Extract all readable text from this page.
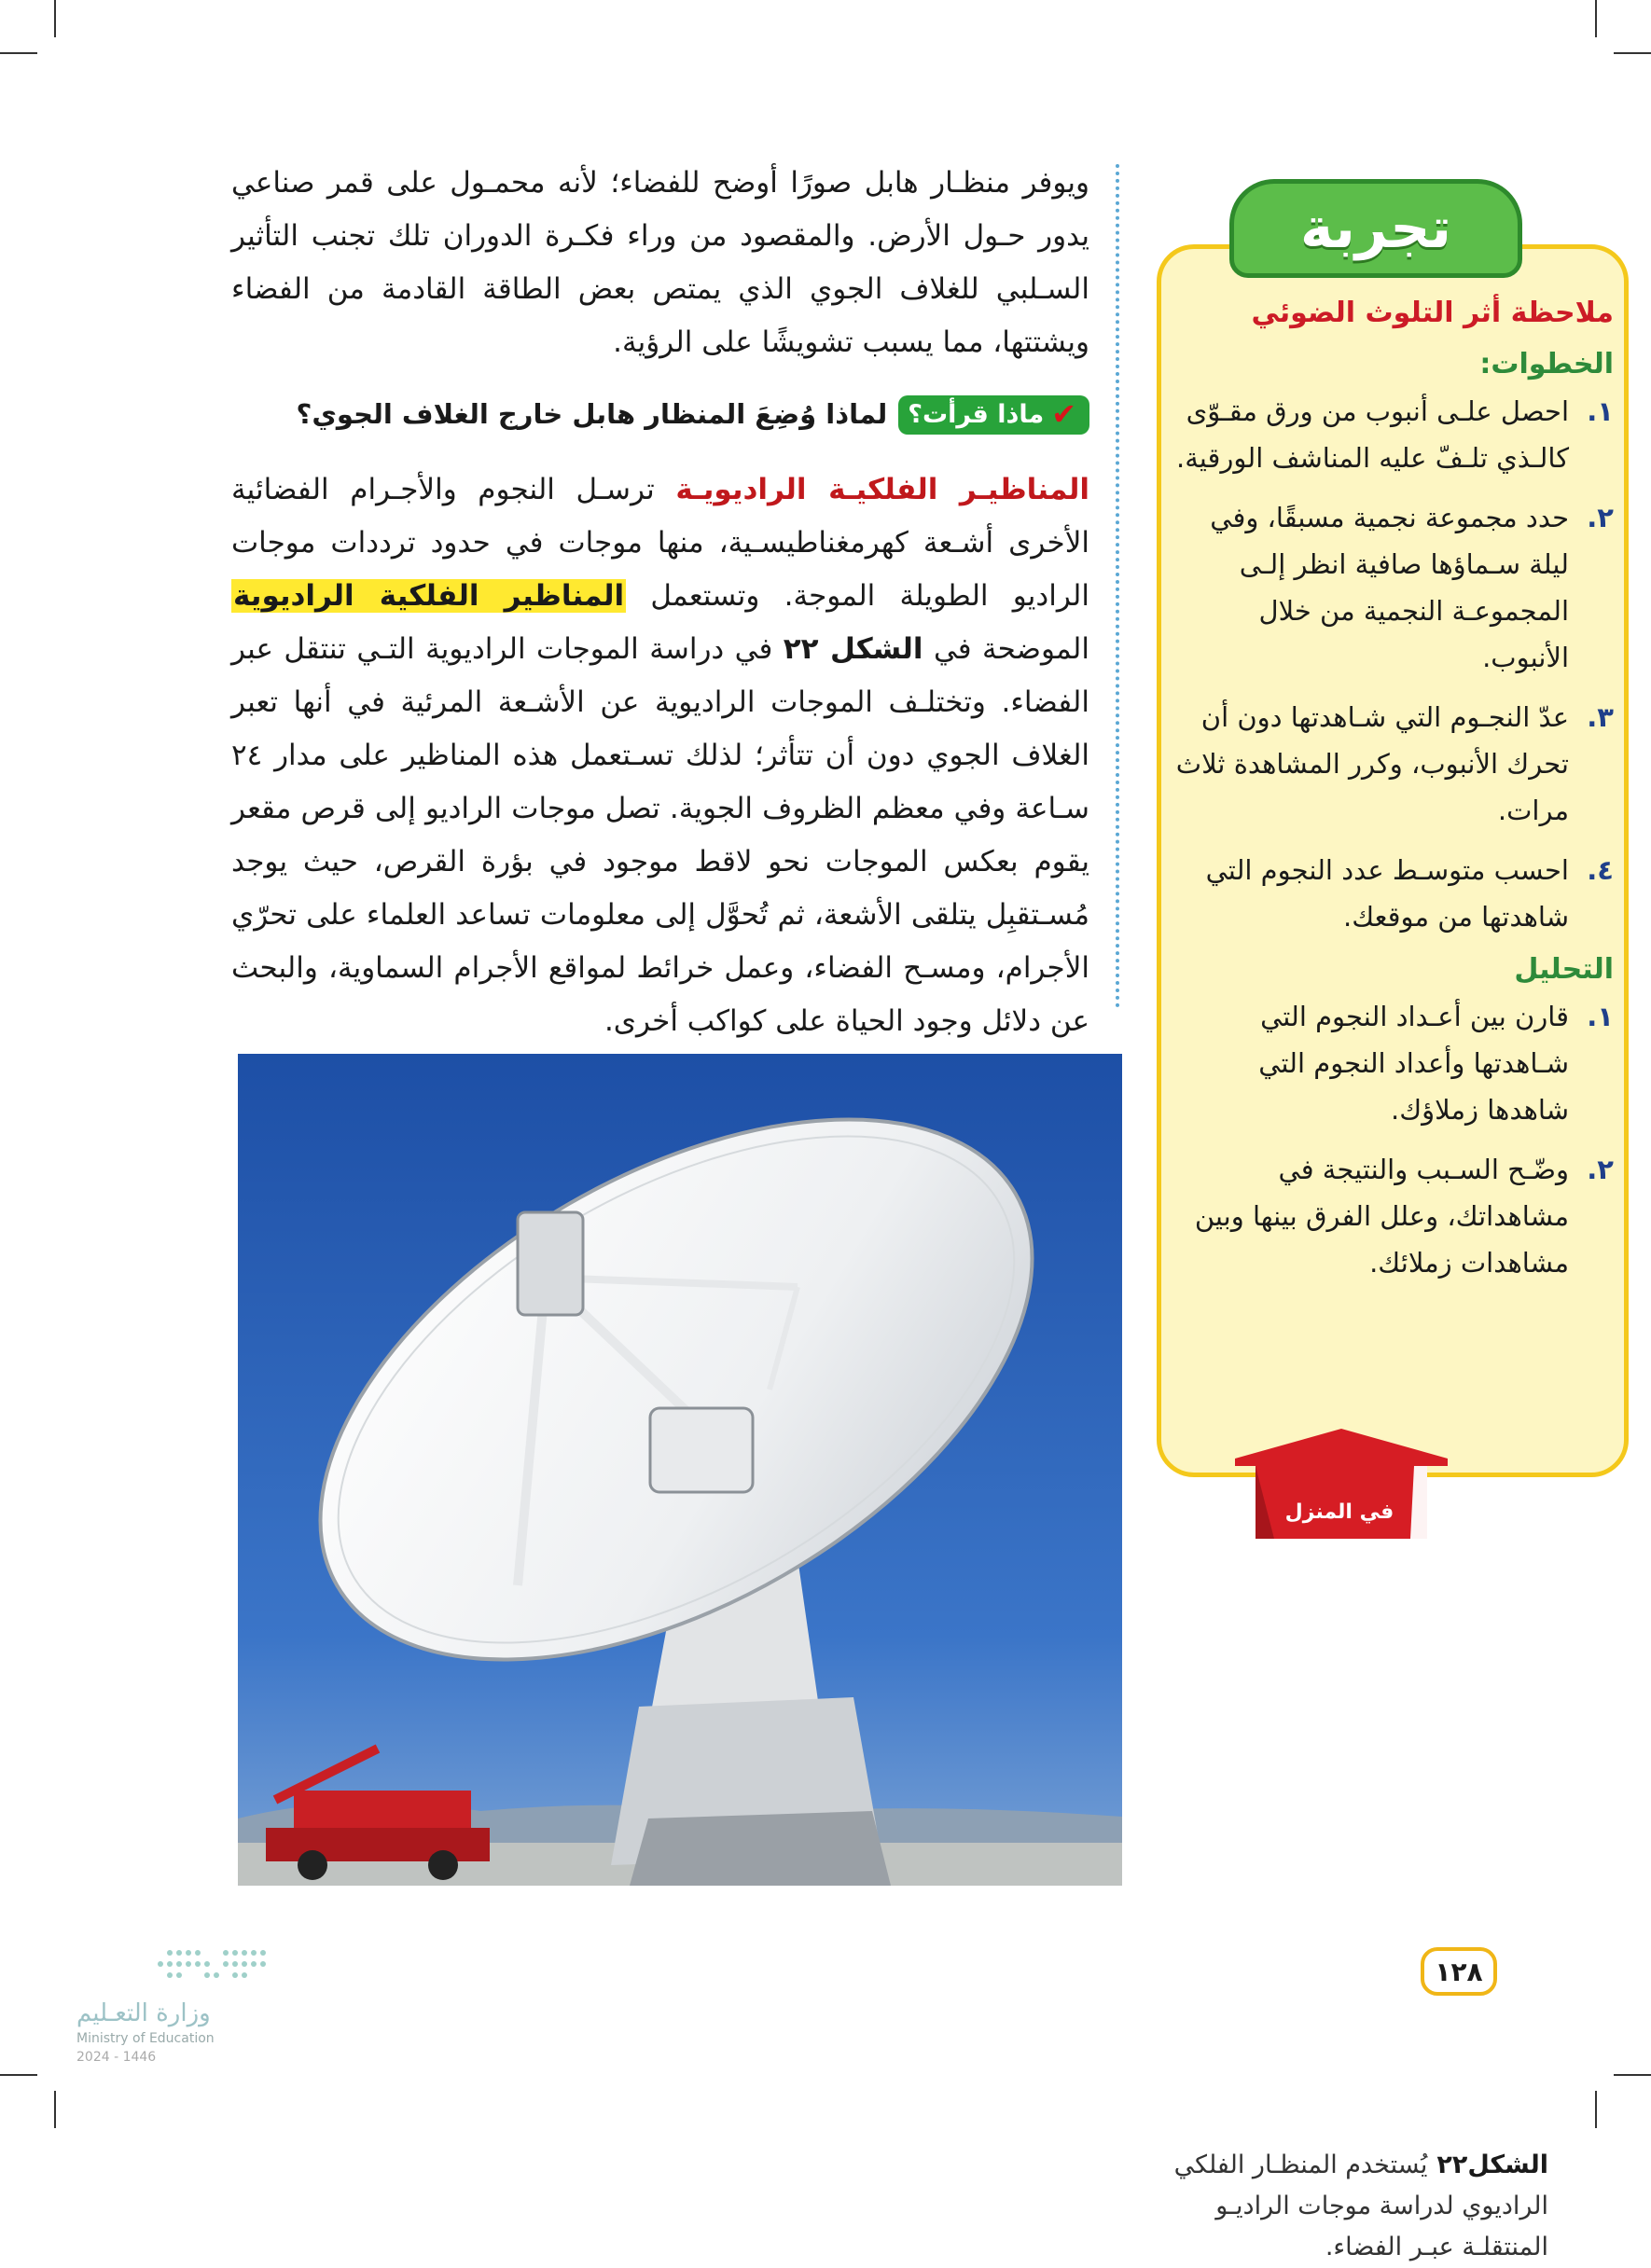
ويوفر منظـار هابل صورًا أوضح للفضاء؛ لأنه محمـول على قمر صناعي يدور حـول الأرض. والمقصود من وراء فكـرة الدوران تلك تجنب التأثير السـلبي للغلاف الجوي الذي يمتص بعض الطاقة القادمة من الفضاء ويشتتها، مما يسبب تشويشًا على الرؤية.

✔
ماذا قرأت؟
لماذا وُضِعَ المنظار هابل خارج الغلاف الجوي؟

المناظيـر الفلكيـة الراديويـة ترسـل النجوم والأجـرام الفضائية الأخرى أشـعة كهرمغناطيسـية، منها موجات في حدود ترددات موجات الراديو الطويلة الموجة. وتستعمل المناظير الفلكية الراديوية الموضحة في الشكل ٢٢ في دراسة الموجات الراديوية التـي تنتقل عبر الفضاء. وتختلـف الموجات الراديوية عن الأشـعة المرئية في أنها تعبر الغلاف الجوي دون أن تتأثر؛ لذلك تسـتعمل هذه المناظير على مدار ٢٤ سـاعة وفي معظم الظروف الجوية. تصل موجات الراديو إلى قرص مقعر يقوم بعكس الموجات نحو لاقط موجود في بؤرة القرص، حيث يوجد مُسـتقبِل يتلقى الأشعة، ثم تُحوَّل إلى معلومات تساعد العلماء على تحرّي الأجرام، ومسـح الفضاء، وعمل خرائط لمواقع الأجرام السماوية، والبحث عن دلائل وجود الحياة على كواكب أخرى.

تجربة
ملاحظة أثر التلوث الضوئي
الخطوات:
١.
احصل علـى أنبوب من ورق مقـوّى كالـذي تلـفّ عليه المناشف الورقية.
٢.
حدد مجموعة نجمية مسبقًا، وفي ليلة سـماؤها صافية انظر إلـى المجموعـة النجمية من خلال الأنبوب.
٣.
عدّ النجـوم التي شـاهدتها دون أن تحرك الأنبوب، وكرر المشاهدة ثلاث مرات.
٤.
احسب متوسـط عدد النجوم التي شاهدتها من موقعك.
التحليل
١.
قارن بين أعـداد النجوم التي شـاهدتها وأعداد النجوم التي شاهدها زملاؤك.
٢.
وضّـح السـبب والنتيجة في مشاهداتك، وعلل الفرق بينها وبين مشاهدات زملائك.
في المنزل
الشكل٢٢يُستخدم المنظـار الفلكي الراديوي لدراسة موجات الراديـو المنتقلـة عبـر الفضاء.
١٢٨
وزارة التعـليم
Ministry of Education
2024 - 1446
